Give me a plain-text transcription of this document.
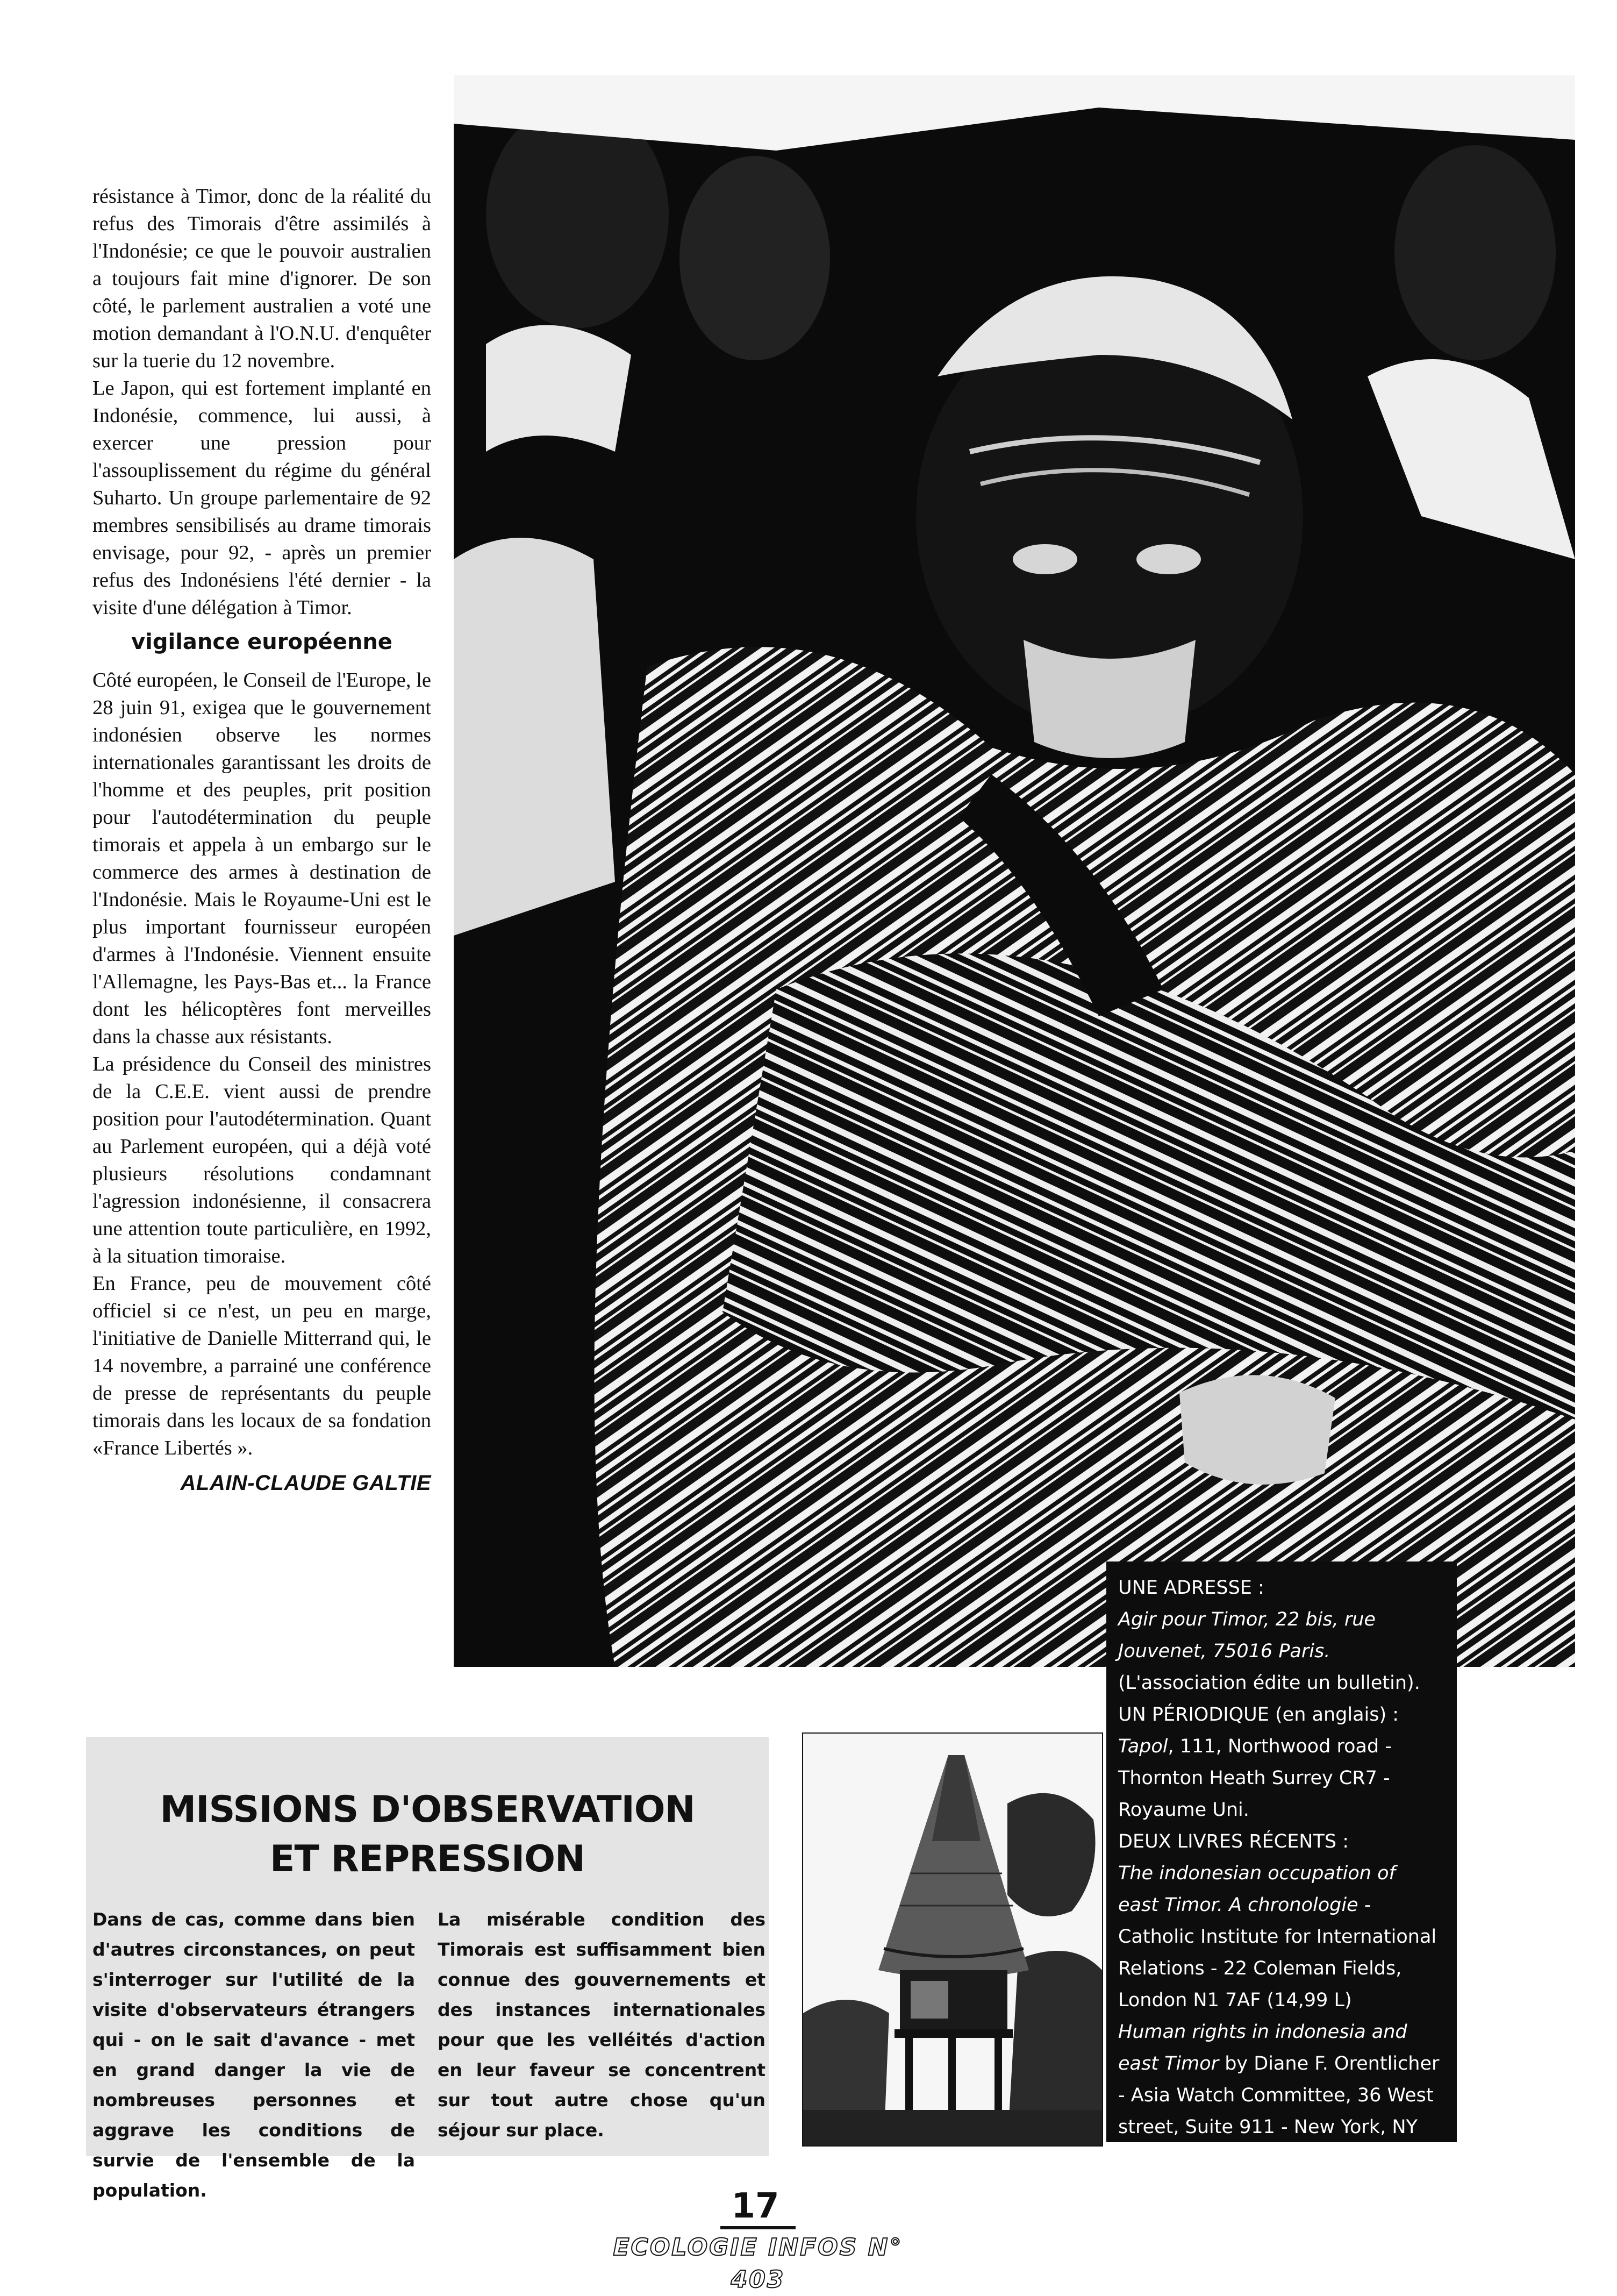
résistance à Timor, donc de la réalité du refus des Timorais d'être assimilés à l'Indonésie; ce que le pouvoir australien a toujours fait mine d'ignorer. De son côté, le parlement australien a voté une motion demandant à l'O.N.U. d'enquêter sur la tuerie du 12 novembre.

Le Japon, qui est fortement implanté en Indonésie, commence, lui aussi, à exercer une pression pour l'assouplissement du régime du général Suharto. Un groupe parlementaire de 92 membres sensibilisés au drame timorais envisage, pour 92, - après un premier refus des Indonésiens l'été dernier - la visite d'une délégation à Timor.

vigilance européenne

Côté européen, le Conseil de l'Europe, le 28 juin 91, exigea que le gouvernement indonésien observe les normes internationales garantissant les droits de l'homme et des peuples, prit position pour l'autodétermination du peuple timorais et appela à un embargo sur le commerce des armes à destination de l'Indonésie. Mais le Royaume-Uni est le plus important fournisseur européen d'armes à l'Indonésie. Viennent ensuite l'Allemagne, les Pays-Bas et... la France dont les hélicoptères font merveilles dans la chasse aux résistants.

La présidence du Conseil des ministres de la C.E.E. vient aussi de prendre position pour l'autodétermination. Quant au Parlement européen, qui a déjà voté plusieurs résolutions condamnant l'agression indonésienne, il consacrera une attention toute particulière, en 1992, à la situation timoraise.

En France, peu de mouvement côté officiel si ce n'est, un peu en marge, l'initiative de Danielle Mitterrand qui, le 14 novembre, a parrainé une conférence de presse de représentants du peuple timorais dans les locaux de sa fondation «France Libertés ».

ALAIN-CLAUDE GALTIE
UNE ADRESSE :
Agir pour Timor, 22 bis, rue
Jouvenet, 75016 Paris.
(L'association édite un bulletin).
UN PÉRIODIQUE (en anglais) :
Tapol, 111, Northwood road -
Thornton Heath Surrey CR7 -
Royaume Uni.
DEUX LIVRES RÉCENTS :
The indonesian occupation of
east Timor. A chronologie -
Catholic Institute for International
Relations - 22 Coleman Fields,
London N1 7AF (14,99 L)
Human rights in indonesia and
east Timor by Diane F. Orentlicher
- Asia Watch Committee, 36 West
street, Suite 911 - New York, NY
10036 USA (15 dollars).
MISSIONS D'OBSERVATION
ET REPRESSION
Dans de cas, comme dans bien d'autres circonstances, on peut s'interroger sur l'utilité de la visite d'observateurs étrangers qui - on le sait d'avance - met en grand danger la vie de nombreuses personnes et aggrave les conditions de survie de l'ensemble de la population.
La misérable condition des Timorais est suffisamment bien connue des gouvernements et des instances internationales pour que les velléités d'action en leur faveur se concentrent sur tout autre chose qu'un séjour sur place.
17
ECOLOGIE INFOS N° 403
